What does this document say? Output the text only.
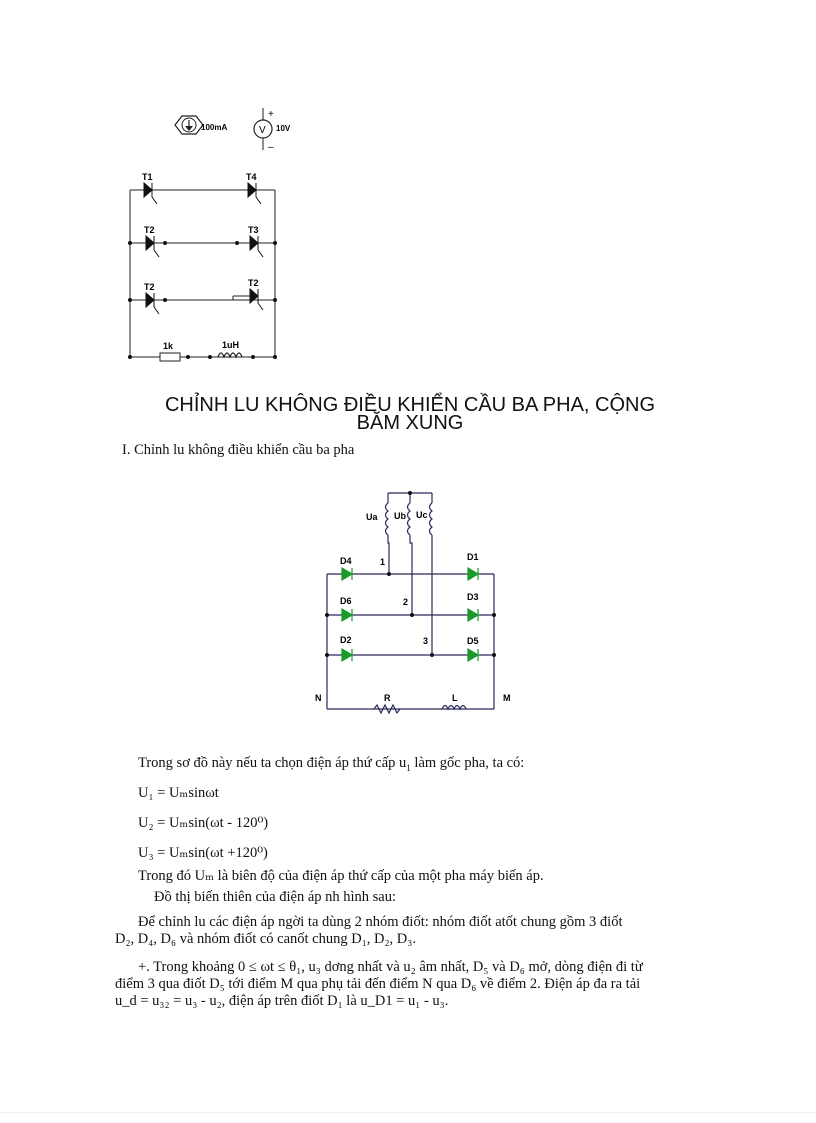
100mA	V 10V
+
–
T1	T4
T2	T3
T2	T2
1k	1uH
CHỈNH LU KHÔNG ĐIỀU KHIỂN CẦU BA PHA, CỘNG
BĂM XUNG
I. Chỉnh lu không điều khiển cầu ba pha
Ua Ub Uc
1
2
3
D4	D1
D6	D3
D2	D5
N	M
R	L
Trong sơ đồ này nếu ta chọn điện áp thứ cấp $u_1$ làm gốc pha, ta có:
U₁ = Uₘsinωt
U₂ = Uₘsin(ωt - 120⁰)
U₃ = Uₘsin(ωt +120⁰)
Trong đó Uₘ là biên độ của điện áp thứ cấp của một pha máy biến áp.
Đồ thị biến thiên của điện áp nh hình sau:
Để chỉnh lu các điện áp ngời ta dùng 2 nhóm điốt: nhóm điốt atốt chung gồm 3 điốt
D₂, D₄, D₆ và nhóm điốt có canốt chung D₁, D₂, D₃.
+. Trong khoảng 0 ≤ ωt ≤ θ₁, u₃ dơng nhất và u₂ âm nhất, D₅ và D₆ mở, dòng điện đi từ
điểm 3 qua điốt D₅ tới điểm M qua phụ tải đến điểm N qua D₆ về điểm 2. Điện áp đa ra tải
u_d = u₃₂ = u₃ - u₂, điện áp trên điốt D₁ là u_D1 = u₁ - u₃.
